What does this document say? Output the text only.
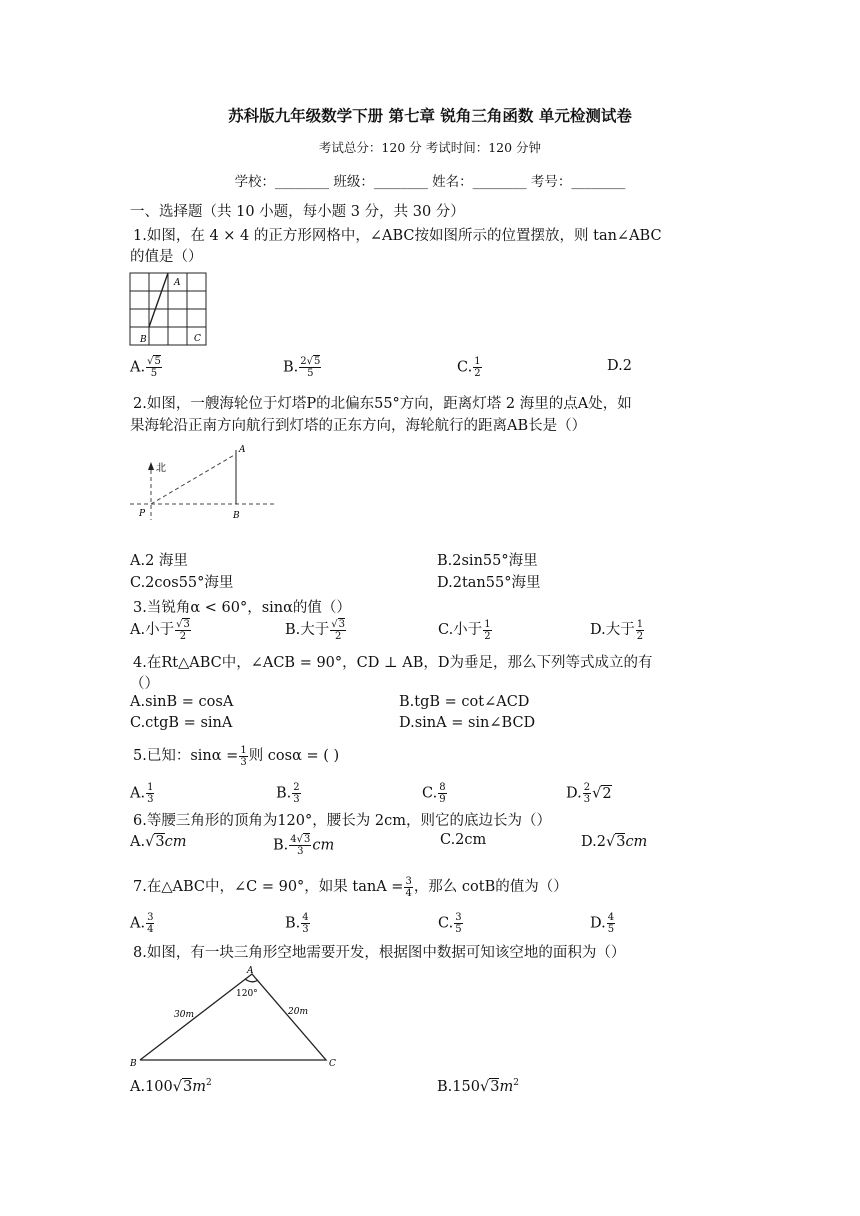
苏科版九年级数学下册 第七章 锐角三角函数 单元检测试卷
考试总分：120 分 考试时间：120 分钟
学校：________ 班级：________ 姓名：________ 考号：________
一、选择题（共 10 小题，每小题 3 分，共 30 分）
1.如图，在 4 × 4 的正方形网格中，∠ABC按如图所示的位置摆放，则 tan∠ABC
的值是（）
A
B	C
A. $\frac{√5}{5}$	B. $\frac{2√5}{5}$	C. $\frac{1}{2}$	D.2
2.如图，一艘海轮位于灯塔P的北偏东55°方向，距离灯塔 2 海里的点A处，如
果海轮沿正南方向航行到灯塔的正东方向，海轮航行的距离AB长是（）
北
A
P	B
A.2 海里	B.2sin55°海里
C.2cos55°海里	D.2tan55°海里
3.当锐角α < 60°，sinα的值（）
A.小于 $\frac{√3}{2}$	B.大于 $\frac{√3}{2}$	C.小于 $\frac{1}{2}$	D.大于 $\frac{1}{2}$
4.在Rt△ABC中，∠ACB = 90°，CD ⊥ AB，D为垂足，那么下列等式成立的有
（）
A.sinB = cosA	B.tgB = cot∠ACD
C.ctgB = sinA	D.sinA = sin∠BCD
5.已知：$\sin\alpha = \frac{1}{3}$ 则 cosα = ( )
A. $\frac{1}{3}$	B. $\frac{2}{3}$	C. $\frac{8}{9}$	D. $\frac{2}{3} √2$
6.等腰三角形的顶角为120°，腰长为 2cm，则它的底边长为（）
A.√3cm	B. $\frac{4√3}{3}$ cm	C.2cm	D.2√3cm
7.在△ABC中，∠C = 90°，如果 $\tan A = \frac{3}{4}$ ，那么 cotB的值为（）
A. $\frac{3}{4}$	B. $\frac{4}{3}$	C. $\frac{3}{5}$	D. $\frac{4}{5}$
8.如图，有一块三角形空地需要开发，根据图中数据可知该空地的面积为（）
A
B	C
120°
30m	20m
$A.100√3m^2$	$B.150√3m^2$
